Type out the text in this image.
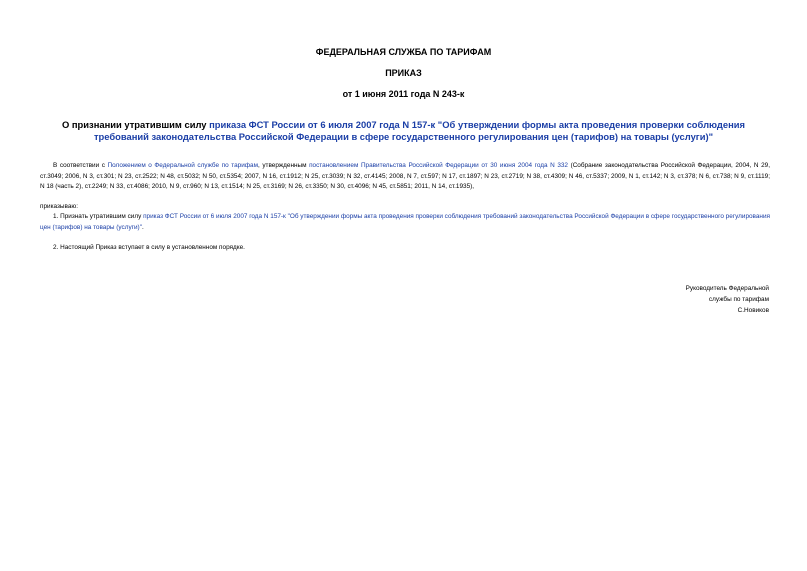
ФЕДЕРАЛЬНАЯ СЛУЖБА ПО ТАРИФАМ
ПРИКАЗ
от 1 июня 2011 года N 243-к
О признании утратившим силу приказа ФСТ России от 6 июля 2007 года N 157-к "Об утверждении формы акта проведения проверки соблюдения требований законодательства Российской Федерации в сфере государственного регулирования цен (тарифов) на товары (услуги)"
В соответствии с Положением о Федеральной службе по тарифам, утвержденным постановлением Правительства Российской Федерации от 30 июня 2004 года N 332 (Собрание законодательства Российской Федерации, 2004, N 29, ст.3049; 2006, N 3, ст.301; N 23, ст.2522; N 48, ст.5032; N 50, ст.5354; 2007, N 16, ст.1912; N 25, ст.3039; N 32, ст.4145; 2008, N 7, ст.597; N 17, ст.1897; N 23, ст.2719; N 38, ст.4309; N 46, ст.5337; 2009, N 1, ст.142; N 3, ст.378; N 6, ст.738; N 9, ст.1119; N 18 (часть 2), ст.2249; N 33, ст.4086; 2010, N 9, ст.960; N 13, ст.1514; N 25, ст.3169; N 26, ст.3350; N 30, ст.4096; N 45, ст.5851; 2011, N 14, ст.1935),
приказываю:
1. Признать утратившим силу приказ ФСТ России от 6 июля 2007 года N 157-к "Об утверждении формы акта проведения проверки соблюдения требований законодательства Российской Федерации в сфере государственного регулирования цен (тарифов) на товары (услуги)".
2. Настоящий Приказ вступает в силу в установленном порядке.
Руководитель Федеральной
службы по тарифам
С.Новиков
